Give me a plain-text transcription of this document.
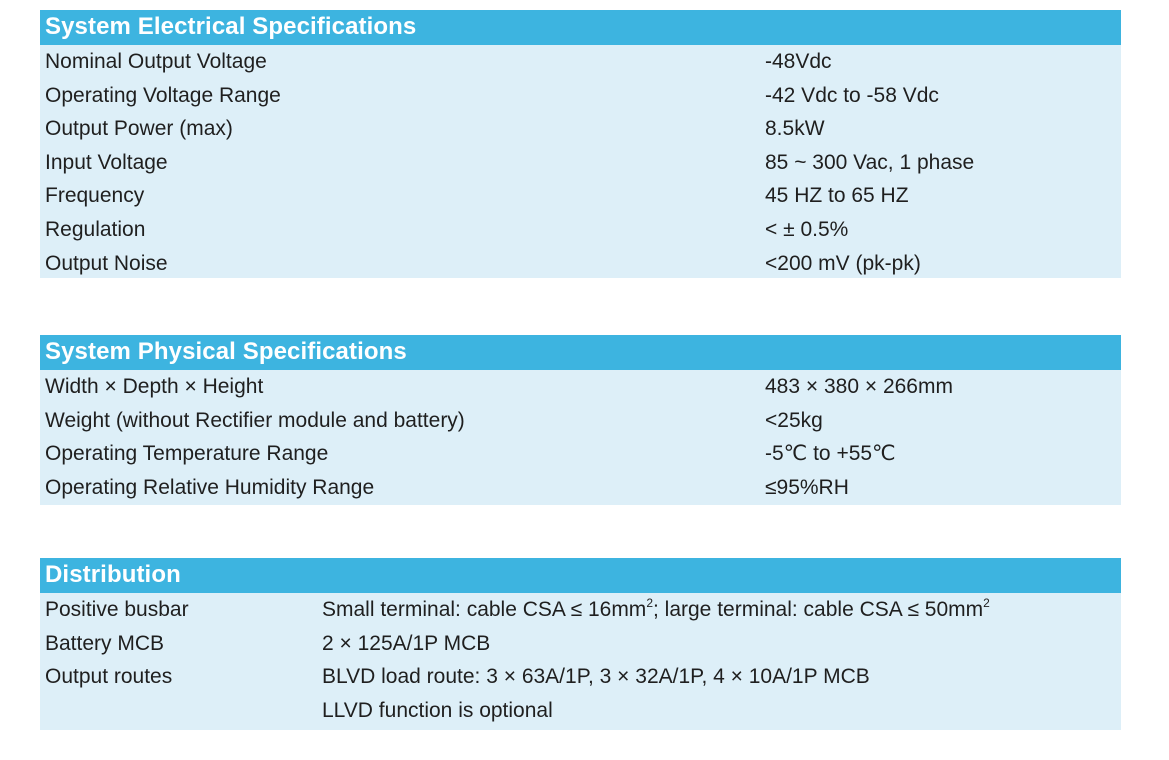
System Electrical Specifications
Nominal Output Voltage	-48Vdc
Operating Voltage Range	-42 Vdc to -58 Vdc
Output Power (max)	8.5kW
Input Voltage	85 ~ 300 Vac, 1 phase
Frequency	45 HZ to 65 HZ
Regulation	< ± 0.5%
Output Noise	<200 mV (pk-pk)
System Physical Specifications
Width × Depth × Height	483 × 380 × 266mm
Weight (without Rectifier module and battery)	<25kg
Operating Temperature Range	-5℃ to +55℃
Operating Relative Humidity Range	≤95%RH
Distribution
Positive busbar	Small terminal: cable CSA ≤ $16mm^2$; large terminal: cable CSA ≤ $50mm^2$
Battery MCB	2 × 125A/1P MCB
Output routes	BLVD load route: 3 × 63A/1P, 3 × 32A/1P, 4 × 10A/1P MCB
LLVD function is optional
